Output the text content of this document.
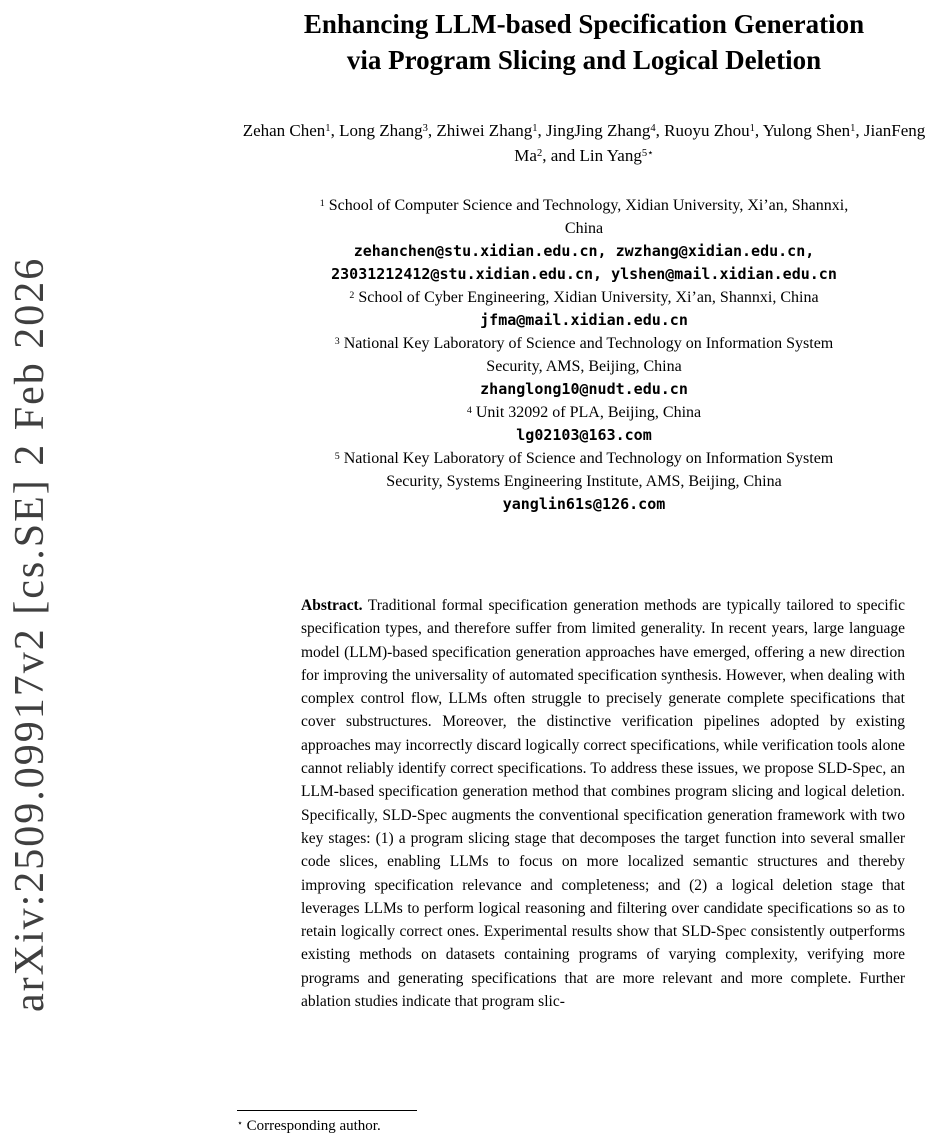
arXiv:2509.09917v2 [cs.SE] 2 Feb 2026
Enhancing LLM-based Specification Generation
via Program Slicing and Logical Deletion

Zehan Chen$^1$, Long Zhang$^3$, Zhiwei Zhang$^1$, JingJing Zhang$^4$, Ruoyu Zhou$^1$, Yulong Shen$^1$, JianFeng Ma$^2$, and Lin Yang$^{5⋆}$

$^1$ School of Computer Science and Technology, Xidian University, Xi’an, Shannxi,
China
zehanchen@stu.xidian.edu.cn, zwzhang@xidian.edu.cn,
23031212412@stu.xidian.edu.cn, ylshen@mail.xidian.edu.cn
$^2$ School of Cyber Engineering, Xidian University, Xi’an, Shannxi, China
jfma@mail.xidian.edu.cn
$^3$ National Key Laboratory of Science and Technology on Information System
Security, AMS, Beijing, China
zhanglong10@nudt.edu.cn
$^4$ Unit 32092 of PLA, Beijing, China
lg02103@163.com
$^5$ National Key Laboratory of Science and Technology on Information System
Security, Systems Engineering Institute, AMS, Beijing, China
yanglin61s@126.com
Abstract. Traditional formal specification generation methods are typically tailored to specific specification types, and therefore suffer from limited generality. In recent years, large language model (LLM)-based specification generation approaches have emerged, offering a new direction for improving the universality of automated specification synthesis. However, when dealing with complex control flow, LLMs often struggle to precisely generate complete specifications that cover substructures. Moreover, the distinctive verification pipelines adopted by existing approaches may incorrectly discard logically correct specifications, while verification tools alone cannot reliably identify correct specifications. To address these issues, we propose SLD-Spec, an LLM-based specification generation method that combines program slicing and logical deletion. Specifically, SLD-Spec augments the conventional specification generation framework with two key stages: (1) a program slicing stage that decomposes the target function into several smaller code slices, enabling LLMs to focus on more localized semantic structures and thereby improving specification relevance and completeness; and (2) a logical deletion stage that leverages LLMs to perform logical reasoning and filtering over candidate specifications so as to retain logically correct ones. Experimental results show that SLD-Spec consistently outperforms existing methods on datasets containing programs of varying complexity, verifying more programs and generating specifications that are more relevant and more complete. Further ablation studies indicate that program slic-

⋆ Corresponding author.
